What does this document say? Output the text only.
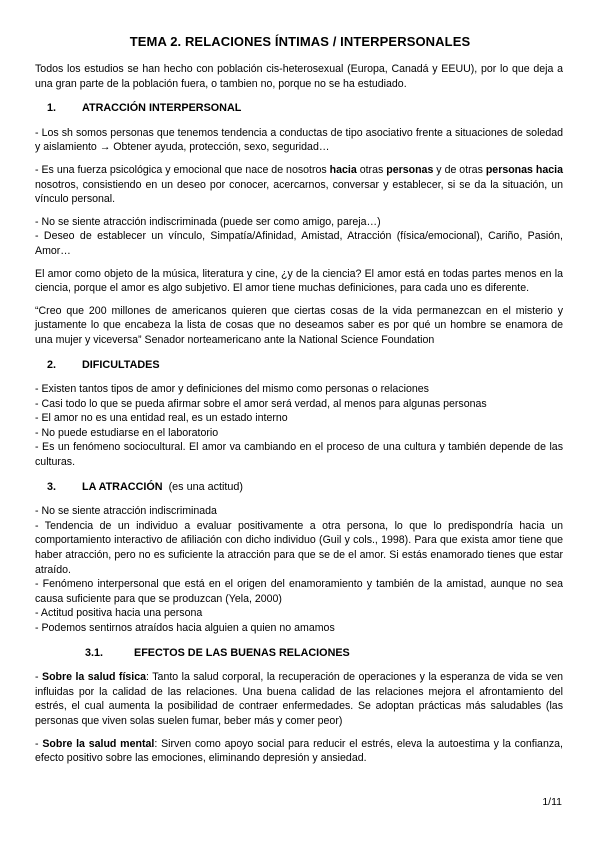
TEMA 2. RELACIONES ÍNTIMAS / INTERPERSONALES

Todos los estudios se han hecho con población cis-heterosexual (Europa, Canadá y EEUU), por lo que deja a una gran parte de la población fuera, o tambien no, porque no se ha estudiado.

1.	ATRACCIÓN INTERPERSONAL

- Los sh somos personas que tenemos tendencia a conductas de tipo asociativo frente a situaciones de soledad y aislamiento → Obtener ayuda, protección, sexo, seguridad…

- Es una fuerza psicológica y emocional que nace de nosotros hacia otras personas y de otras personas hacia nosotros, consistiendo en un deseo por conocer, acercarnos, conversar y establecer, si se da la situación, un vínculo personal.

- No se siente atracción indiscriminada (puede ser como amigo, pareja…)

- Deseo de establecer un vínculo, Simpatía/Afinidad, Amistad, Atracción (física/emocional), Cariño, Pasión, Amor…

El amor como objeto de la música, literatura y cine, ¿y de la ciencia? El amor está en todas partes menos en la ciencia, porque el amor es algo subjetivo. El amor tiene muchas definiciones, para cada uno es diferente.

“Creo que 200 millones de americanos quieren que ciertas cosas de la vida permanezcan en el misterio y justamente lo que encabeza la lista de cosas que no deseamos saber es por qué un hombre se enamora de una mujer y viceversa” Senador norteamericano ante la National Science Foundation

2.	DIFICULTADES

- Existen tantos tipos de amor y definiciones del mismo como personas o relaciones

- Casi todo lo que se pueda afirmar sobre el amor será verdad, al menos para algunas personas

- El amor no es una entidad real, es un estado interno

- No puede estudiarse en el laboratorio

- Es un fenómeno sociocultural. El amor va cambiando en el proceso de una cultura y también depende de las culturas.

3.	LA ATRACCIÓN (es una actitud)

- No se siente atracción indiscriminada

- Tendencia de un individuo a evaluar positivamente a otra persona, lo que lo predispondría hacia un comportamiento interactivo de afiliación con dicho individuo (Guil y cols., 1998). Para que exista amor tiene que haber atracción, pero no es suficiente la atracción para que se de el amor. Si estás enamorado tienes que estar atraído.

- Fenómeno interpersonal que está en el origen del enamoramiento y también de la amistad, aunque no sea causa suficiente para que se produzcan (Yela, 2000)

- Actitud positiva hacia una persona

- Podemos sentirnos atraídos hacia alguien a quien no amamos

3.1.	EFECTOS DE LAS BUENAS RELACIONES

- Sobre la salud física: Tanto la salud corporal, la recuperación de operaciones y la esperanza de vida se ven influidas por la calidad de las relaciones. Una buena calidad de las relaciones mejora el afrontamiento del estrés, el cual aumenta la posibilidad de contraer enfermedades. Se adoptan prácticas más saludables (las personas que viven solas suelen fumar, beber más y comer peor)

- Sobre la salud mental: Sirven como apoyo social para reducir el estrés, eleva la autoestima y la confianza, efecto positivo sobre las emociones, eliminando depresión y ansiedad.

1/11
